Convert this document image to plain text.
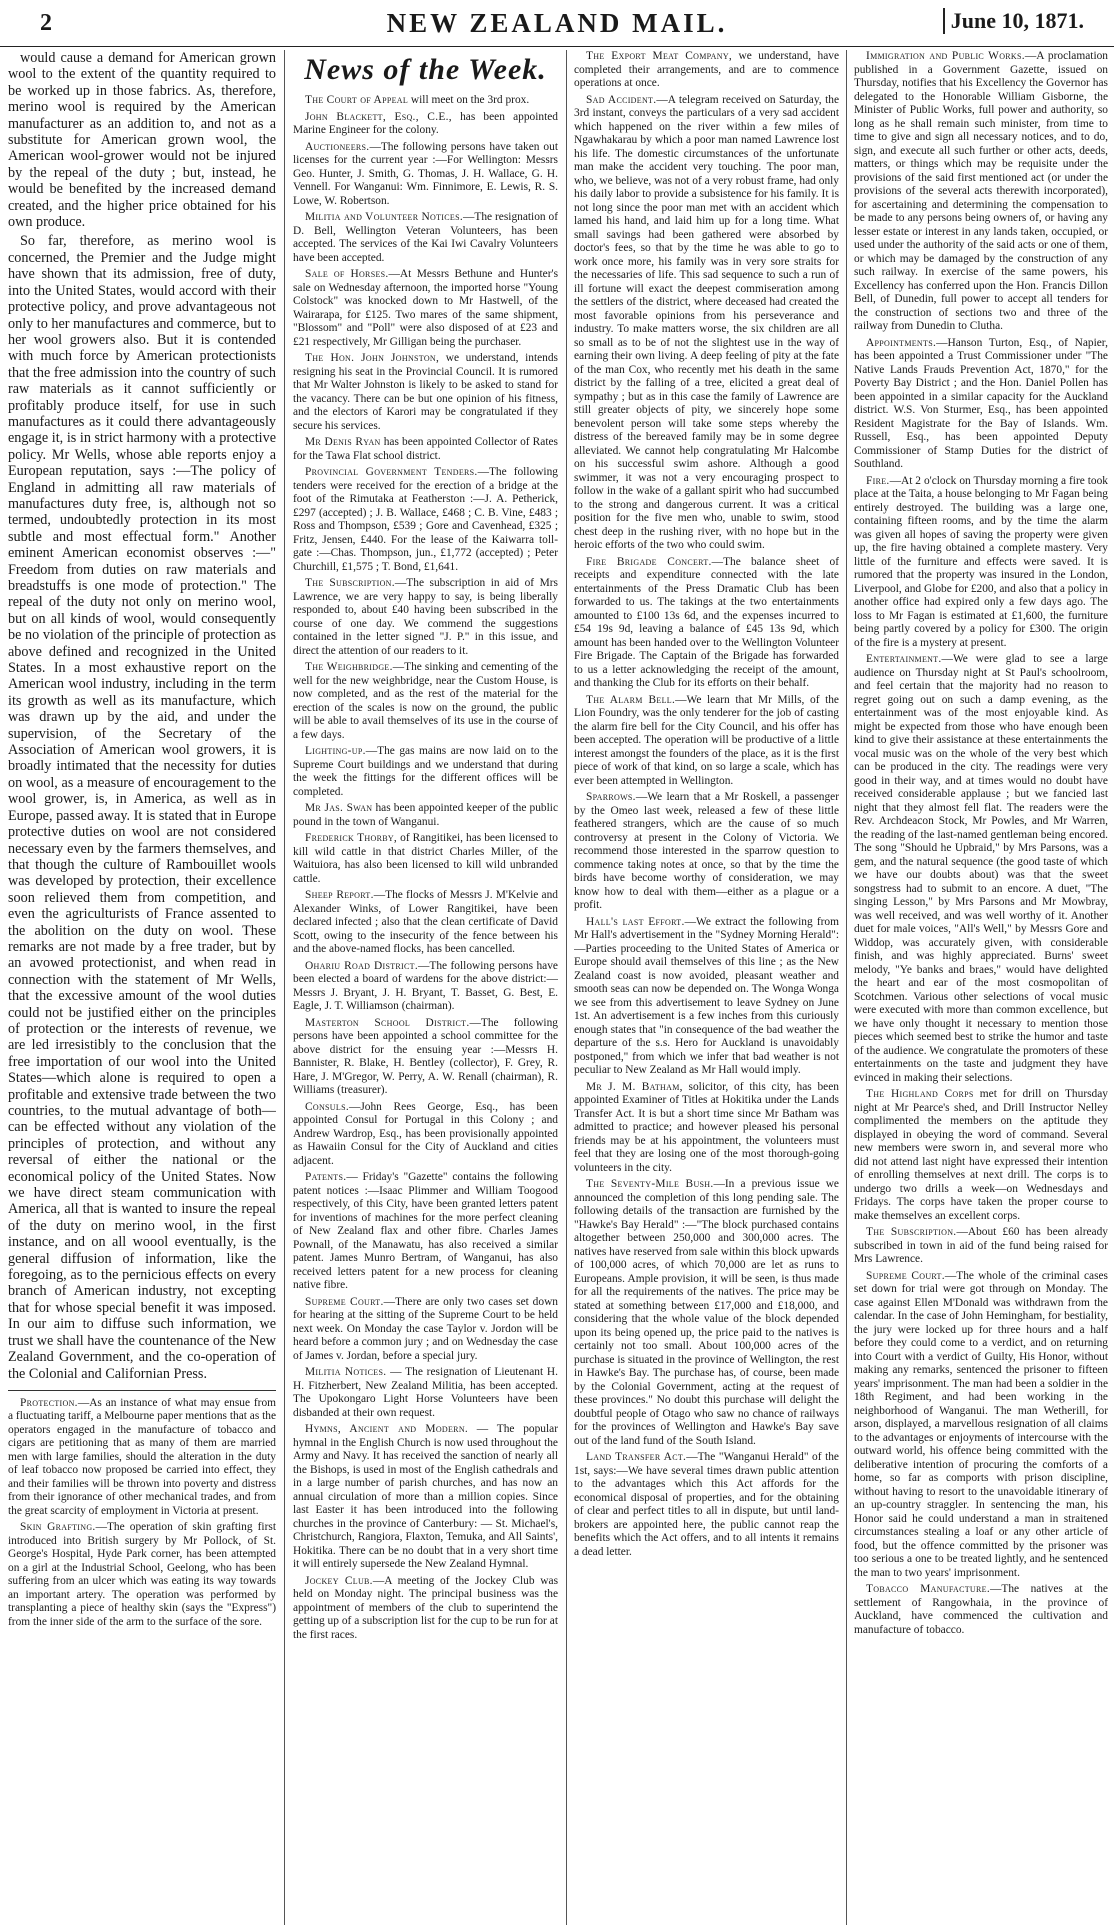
2	NEW ZEALAND MAIL.	June 10, 1871.

would cause a demand for American grown wool to the extent of the quantity required to be worked up in those fabrics. As, therefore, merino wool is required by the American manufacturer as an addition to, and not as a substitute for American grown wool, the American wool-grower would not be injured by the repeal of the duty ; but, instead, he would be benefited by the increased demand created, and the higher price obtained for his own produce.

So far, therefore, as merino wool is concerned, the Premier and the Judge might have shown that its admission, free of duty, into the United States, would accord with their protective policy, and prove advantageous not only to her manufactures and commerce, but to her wool growers also. But it is contended with much force by American protectionists that the free admission into the country of such raw materials as it cannot sufficiently or profitably produce itself, for use in such manufactures as it could there advantageously engage it, is in strict harmony with a protective policy. Mr Wells, whose able reports enjoy a European reputation, says :—The policy of England in admitting all raw materials of manufactures duty free, is, although not so termed, undoubtedly protection in its most subtle and most effectual form." Another eminent American economist observes :—" Freedom from duties on raw materials and breadstuffs is one mode of protection." The repeal of the duty not only on merino wool, but on all kinds of wool, would consequently be no violation of the principle of protection as above defined and recognized in the United States. In a most exhaustive report on the American wool industry, including in the term its growth as well as its manufacture, which was drawn up by the aid, and under the supervision, of the Secretary of the Association of American wool growers, it is broadly intimated that the necessity for duties on wool, as a measure of encouragement to the wool grower, is, in America, as well as in Europe, passed away. It is stated that in Europe protective duties on wool are not considered necessary even by the farmers themselves, and that though the culture of Rambouillet wools was developed by protection, their excellence soon relieved them from competition, and even the agriculturists of France assented to the abolition on the duty on wool. These remarks are not made by a free trader, but by an avowed protectionist, and when read in connection with the statement of Mr Wells, that the excessive amount of the wool duties could not be justified either on the principles of protection or the interests of revenue, we are led irresistibly to the conclusion that the free importation of our wool into the United States—which alone is required to open a profitable and extensive trade between the two countries, to the mutual advantage of both—can be effected without any violation of the principles of protection, and without any reversal of either the national or the economical policy of the United States. Now we have direct steam communication with America, all that is wanted to insure the repeal of the duty on merino wool, in the first instance, and on all woool eventually, is the general diffusion of information, like the foregoing, as to the pernicious effects on every branch of American industry, not excepting that for whose special benefit it was imposed. In our aim to diffuse such information, we trust we shall have the countenance of the New Zealand Government, and the co-operation of the Colonial and Californian Press.

Protection.—As an instance of what may ensue from a fluctuating tariff, a Melbourne paper mentions that as the operators engaged in the manufacture of tobacco and cigars are petitioning that as many of them are married men with large families, should the alteration in the duty of leaf tobacco now proposed be carried into effect, they and their families will be thrown into poverty and distress from their ignorance of other mechanical trades, and from the great scarcity of employment in Victoria at present.

Skin Grafting.—The operation of skin grafting first introduced into British surgery by Mr Pollock, of St. George's Hospital, Hyde Park corner, has been attempted on a girl at the Industrial School, Geelong, who has been suffering from an ulcer which was eating its way towards an important artery. The operation was performed by transplanting a piece of healthy skin (says the "Express") from the inner side of the arm to the surface of the sore.

News of the Week.

The Court of Appeal will meet on the 3rd prox.

John Blackett, Esq., C.E., has been appointed Marine Engineer for the colony.

Auctioneers.—The following persons have taken out licenses for the current year :—For Wellington: Messrs Geo. Hunter, J. Smith, G. Thomas, J. H. Wallace, G. H. Vennell. For Wanganui: Wm. Finnimore, E. Lewis, R. S. Lowe, W. Robertson.

Militia and Volunteer Notices.—The resignation of D. Bell, Wellington Veteran Volunteers, has been accepted. The services of the Kai Iwi Cavalry Volunteers have been accepted.

Sale of Horses.—At Messrs Bethune and Hunter's sale on Wednesday afternoon, the imported horse "Young Colstock" was knocked down to Mr Hastwell, of the Wairarapa, for £125. Two mares of the same shipment, "Blossom" and "Poll" were also disposed of at £23 and £21 respectively, Mr Gilligan being the purchaser.

The Hon. John Johnston, we understand, intends resigning his seat in the Provincial Council. It is rumored that Mr Walter Johnston is likely to be asked to stand for the vacancy. There can be but one opinion of his fitness, and the electors of Karori may be congratulated if they secure his services.

Mr Denis Ryan has been appointed Collector of Rates for the Tawa Flat school district.

Provincial Government Tenders.—The following tenders were received for the erection of a bridge at the foot of the Rimutaka at Featherston :—J. A. Petherick, £297 (accepted) ; J. B. Wallace, £468 ; C. B. Vine, £483 ; Ross and Thompson, £539 ; Gore and Cavenhead, £325 ; Fritz, Jensen, £440. For the lease of the Kaiwarra toll-gate :—Chas. Thompson, jun., £1,772 (accepted) ; Peter Churchill, £1,575 ; T. Bond, £1,641.

The Subscription.—The subscription in aid of Mrs Lawrence, we are very happy to say, is being liberally responded to, about £40 having been subscribed in the course of one day. We commend the suggestions contained in the letter signed "J. P." in this issue, and direct the attention of our readers to it.

The Weighbridge.—The sinking and cementing of the well for the new weighbridge, near the Custom House, is now completed, and as the rest of the material for the erection of the scales is now on the ground, the public will be able to avail themselves of its use in the course of a few days.

Lighting-up.—The gas mains are now laid on to the Supreme Court buildings and we understand that during the week the fittings for the different offices will be completed.

Mr Jas. Swan has been appointed keeper of the public pound in the town of Wanganui.

Frederick Thorby, of Rangitikei, has been licensed to kill wild cattle in that district Charles Miller, of the Waituiora, has also been licensed to kill wild unbranded cattle.

Sheep Report.—The flocks of Messrs J. M'Kelvie and Alexander Winks, of Lower Rangitikei, have been declared infected ; also that the clean certificate of David Scott, owing to the insecurity of the fence between his and the above-named flocks, has been cancelled.

Ohariu Road District.—The following persons have been elected a board of wardens for the above district:—Messrs J. Bryant, J. H. Bryant, T. Basset, G. Best, E. Eagle, J. T. Williamson (chairman).

Masterton School District.—The following persons have been appointed a school committee for the above district for the ensuing year :—Messrs H. Bannister, R. Blake, H. Bentley (collector), F. Grey, R. Hare, J. M'Gregor, W. Perry, A. W. Renall (chairman), R. Williams (treasurer).

Consuls.—John Rees George, Esq., has been appointed Consul for Portugal in this Colony ; and Andrew Wardrop, Esq., has been provisionally appointed as Hawaiin Consul for the City of Auckland and cities adjacent.

Patents.— Friday's "Gazette" contains the following patent notices :—Isaac Plimmer and William Toogood respectively, of this City, have been granted letters patent for inventions of machines for the more perfect cleaning of New Zealand flax and other fibre. Charles James Pownall, of the Manawatu, has also received a similar patent. James Munro Bertram, of Wanganui, has also received letters patent for a new process for cleaning native fibre.

Supreme Court.—There are only two cases set down for hearing at the sitting of the Supreme Court to be held next week. On Monday the case Taylor v. Jordon will be heard before a common jury ; and on Wednesday the case of James v. Jordan, before a special jury.

Militia Notices. — The resignation of Lieutenant H. H. Fitzherbert, New Zealand Militia, has been accepted. The Upokongaro Light Horse Volunteers have been disbanded at their own request.

Hymns, Ancient and Modern. — The popular hymnal in the English Church is now used throughout the Army and Navy. It has received the sanction of nearly all the Bishops, is used in most of the English cathedrals and in a large number of parish churches, and has now an annual circulation of more than a million copies. Since last Easter it has been introduced into the following churches in the province of Canterbury: — St. Michael's, Christchurch, Rangiora, Flaxton, Temuka, and All Saints', Hokitika. There can be no doubt that in a very short time it will entirely supersede the New Zealand Hymnal.

Jockey Club.—A meeting of the Jockey Club was held on Monday night. The principal business was the appointment of members of the club to superintend the getting up of a subscription list for the cup to be run for at the first races.

The Export Meat Company, we understand, have completed their arrangements, and are to commence operations at once.

Sad Accident.—A telegram received on Saturday, the 3rd instant, conveys the particulars of a very sad accident which happened on the river within a few miles of Ngawhakarau by which a poor man named Lawrence lost his life. The domestic circumstances of the unfortunate man make the accident very touching. The poor man, who, we believe, was not of a very robust frame, had only his daily labor to provide a subsistence for his family. It is not long since the poor man met with an accident which lamed his hand, and laid him up for a long time. What small savings had been gathered were absorbed by doctor's fees, so that by the time he was able to go to work once more, his family was in very sore straits for the necessaries of life. This sad sequence to such a run of ill fortune will exact the deepest commiseration among the settlers of the district, where deceased had created the most favorable opinions from his perseverance and industry. To make matters worse, the six children are all so small as to be of not the slightest use in the way of earning their own living. A deep feeling of pity at the fate of the man Cox, who recently met his death in the same district by the falling of a tree, elicited a great deal of sympathy ; but as in this case the family of Lawrence are still greater objects of pity, we sincerely hope some benevolent person will take some steps whereby the distress of the bereaved family may be in some degree alleviated. We cannot help congratulating Mr Halcombe on his successful swim ashore. Although a good swimmer, it was not a very encouraging prospect to follow in the wake of a gallant spirit who had succumbed to the strong and dangerous current. It was a critical position for the five men who, unable to swim, stood chest deep in the rushing river, with no hope but in the heroic efforts of the two who could swim.

Fire Brigade Concert.—The balance sheet of receipts and expenditure connected with the late entertainments of the Press Dramatic Club has been forwarded to us. The takings at the two entertainments amounted to £100 13s 6d, and the expenses incurred to £54 19s 9d, leaving a balance of £45 13s 9d, which amount has been handed over to the Wellington Volunteer Fire Brigade. The Captain of the Brigade has forwarded to us a letter acknowledging the receipt of the amount, and thanking the Club for its efforts on their behalf.

The Alarm Bell.—We learn that Mr Mills, of the Lion Foundry, was the only tenderer for the job of casting the alarm fire bell for the City Council, and his offer has been accepted. The operation will be productive of a little interest amongst the founders of the place, as it is the first piece of work of that kind, on so large a scale, which has ever been attempted in Wellington.

Sparrows.—We learn that a Mr Roskell, a passenger by the Omeo last week, released a few of these little feathered strangers, which are the cause of so much controversy at present in the Colony of Victoria. We recommend those interested in the sparrow question to commence taking notes at once, so that by the time the birds have become worthy of consideration, we may know how to deal with them—either as a plague or a profit.

Hall's last Effort.—We extract the following from Mr Hall's advertisement in the "Sydney Morning Herald":—Parties proceeding to the United States of America or Europe should avail themselves of this line ; as the New Zealand coast is now avoided, pleasant weather and smooth seas can now be depended on. The Wonga Wonga we see from this advertisement to leave Sydney on June 1st. An advertisement is a few inches from this curiously enough states that "in consequence of the bad weather the departure of the s.s. Hero for Auckland is unavoidably postponed," from which we infer that bad weather is not peculiar to New Zealand as Mr Hall would imply.

Mr J. M. Batham, solicitor, of this city, has been appointed Examiner of Titles at Hokitika under the Lands Transfer Act. It is but a short time since Mr Batham was admitted to practice; and however pleased his personal friends may be at his appointment, the volunteers must feel that they are losing one of the most thorough-going volunteers in the city.

The Seventy-Mile Bush.—In a previous issue we announced the completion of this long pending sale. The following details of the transaction are furnished by the "Hawke's Bay Herald" :—"The block purchased contains altogether between 250,000 and 300,000 acres. The natives have reserved from sale within this block upwards of 100,000 acres, of which 70,000 are let as runs to Europeans. Ample provision, it will be seen, is thus made for all the requirements of the natives. The price may be stated at something between £17,000 and £18,000, and considering that the whole value of the block depended upon its being opened up, the price paid to the natives is certainly not too small. About 100,000 acres of the purchase is situated in the province of Wellington, the rest in Hawke's Bay. The purchase has, of course, been made by the Colonial Government, acting at the request of these provinces." No doubt this purchase will delight the doubtful people of Otago who saw no chance of railways for the provinces of Wellington and Hawke's Bay save out of the land fund of the South Island.

Land Transfer Act.—The "Wanganui Herald" of the 1st, says:—We have several times drawn public attention to the advantages which this Act affords for the economical disposal of properties, and for the obtaining of clear and perfect titles to all in dispute, but until land-brokers are appointed here, the public cannot reap the benefits which the Act offers, and to all intents it remains a dead letter.

Immigration and Public Works.—A proclamation published in a Government Gazette, issued on Thursday, notifies that his Excellency the Governor has delegated to the Honorable William Gisborne, the Minister of Public Works, full power and authority, so long as he shall remain such minister, from time to time to give and sign all necessary notices, and to do, sign, and execute all such further or other acts, deeds, matters, or things which may be requisite under the provisions of the said first mentioned act (or under the provisions of the several acts therewith incorporated), for ascertaining and determining the compensation to be made to any persons being owners of, or having any lesser estate or interest in any lands taken, occupied, or used under the authority of the said acts or one of them, or which may be damaged by the construction of any such railway. In exercise of the same powers, his Excellency has conferred upon the Hon. Francis Dillon Bell, of Dunedin, full power to accept all tenders for the construction of sections two and three of the railway from Dunedin to Clutha.

Appointments.—Hanson Turton, Esq., of Napier, has been appointed a Trust Commissioner under "The Native Lands Frauds Prevention Act, 1870," for the Poverty Bay District ; and the Hon. Daniel Pollen has been appointed in a similar capacity for the Auckland district. W.S. Von Sturmer, Esq., has been appointed Resident Magistrate for the Bay of Islands. Wm. Russell, Esq., has been appointed Deputy Commissioner of Stamp Duties for the district of Southland.

Fire.—At 2 o'clock on Thursday morning a fire took place at the Taita, a house belonging to Mr Fagan being entirely destroyed. The building was a large one, containing fifteen rooms, and by the time the alarm was given all hopes of saving the property were given up, the fire having obtained a complete mastery. Very little of the furniture and effects were saved. It is rumored that the property was insured in the London, Liverpool, and Globe for £200, and also that a policy in another office had expired only a few days ago. The loss to Mr Fagan is estimated at £1,600, the furniture being partly covered by a policy for £300. The origin of the fire is a mystery at present.

Entertainment.—We were glad to see a large audience on Thursday night at St Paul's schoolroom, and feel certain that the majority had no reason to regret going out on such a damp evening, as the entertainment was of the most enjoyable kind. As might be expected from those who have enough been kind to give their assistance at these entertainments the vocal music was on the whole of the very best which can be produced in the city. The readings were very good in their way, and at times would no doubt have received considerable applause ; but we fancied last night that they almost fell flat. The readers were the Rev. Archdeacon Stock, Mr Powles, and Mr Warren, the reading of the last-named gentleman being encored. The song "Should he Upbraid," by Mrs Parsons, was a gem, and the natural sequence (the good taste of which we have our doubts about) was that the sweet songstress had to submit to an encore. A duet, "The singing Lesson," by Mrs Parsons and Mr Mowbray, was well received, and was well worthy of it. Another duet for male voices, "All's Well," by Messrs Gore and Widdop, was accurately given, with considerable finish, and was highly appreciated. Burns' sweet melody, "Ye banks and braes," would have delighted the heart and ear of the most cosmopolitan of Scotchmen. Various other selections of vocal music were executed with more than common excellence, but we have only thought it necessary to mention those pieces which seemed best to strike the humor and taste of the audience. We congratulate the promoters of these entertainments on the taste and judgment they have evinced in making their selections.

The Highland Corps met for drill on Thursday night at Mr Pearce's shed, and Drill Instructor Nelley complimented the members on the aptitude they displayed in obeying the word of command. Several new members were sworn in, and several more who did not attend last night have expressed their intention of enrolling themselves at next drill. The corps is to undergo two drills a week—on Wednesdays and Fridays. The corps have taken the proper course to make themselves an excellent corps.

The Subscription.—About £60 has been already subscribed in town in aid of the fund being raised for Mrs Lawrence.

Supreme Court.—The whole of the criminal cases set down for trial were got through on Monday. The case against Ellen M'Donald was withdrawn from the calendar. In the case of John Hemingham, for bestiality, the jury were locked up for three hours and a half before they could come to a verdict, and on returning into Court with a verdict of Guilty, His Honor, without making any remarks, sentenced the prisoner to fifteen years' imprisonment. The man had been a soldier in the 18th Regiment, and had been working in the neighborhood of Wanganui. The man Wetherill, for arson, displayed, a marvellous resignation of all claims to the advantages or enjoyments of intercourse with the outward world, his offence being committed with the deliberative intention of procuring the comforts of a home, so far as comports with prison discipline, without having to resort to the unavoidable itinerary of an up-country straggler. In sentencing the man, his Honor said he could understand a man in straitened circumstances stealing a loaf or any other article of food, but the offence committed by the prisoner was too serious a one to be treated lightly, and he sentenced the man to two years' imprisonment.

Tobacco Manufacture.—The natives at the settlement of Rangowhaia, in the province of Auckland, have commenced the cultivation and manufacture of tobacco.
